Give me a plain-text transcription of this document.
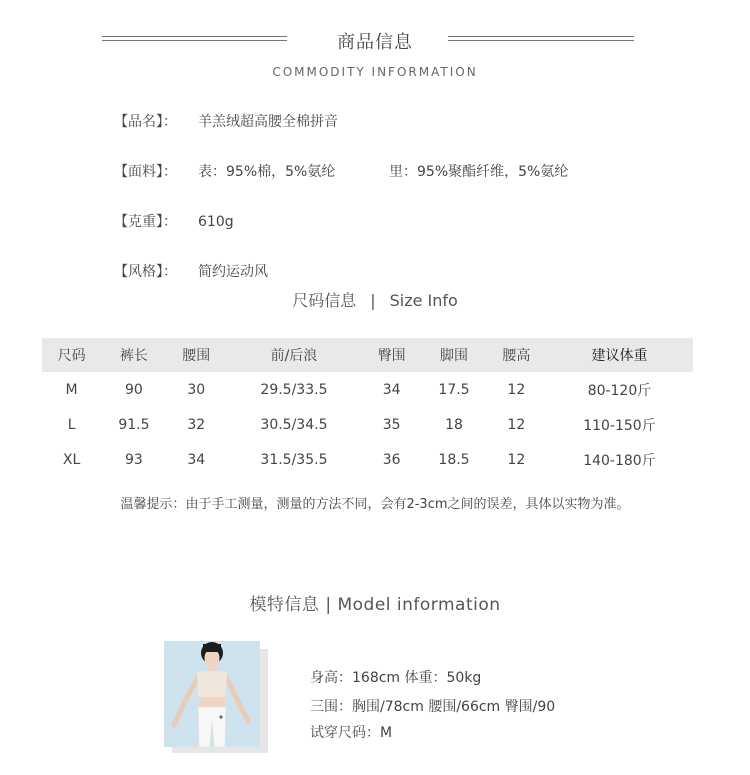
商品信息
COMMODITY INFORMATION
【品名】： 羊羔绒超高腰全棉拼音
【面料】： 表：95%棉，5%氨纶	里：95%聚酯纤维，5%氨纶
【克重】： 610g
【风格】： 简约运动风
尺码信息 | Size Info
尺码	裤长	腰围	前/后浪	臀围	脚围	腰高	建议体重
M	90	30	29.5/33.5	34	17.5	12	80-120斤
L	91.5	32	30.5/34.5	35	18	12	110-150斤
XL	93	34	31.5/35.5	36	18.5	12	140-180斤
温馨提示：由于手工测量，测量的方法不同，会有2-3cm之间的误差，具体以实物为准。
模特信息 | Model information
身高：168cm 体重：50kg
三围：胸围/78cm 腰围/66cm 臀围/90
试穿尺码：M
